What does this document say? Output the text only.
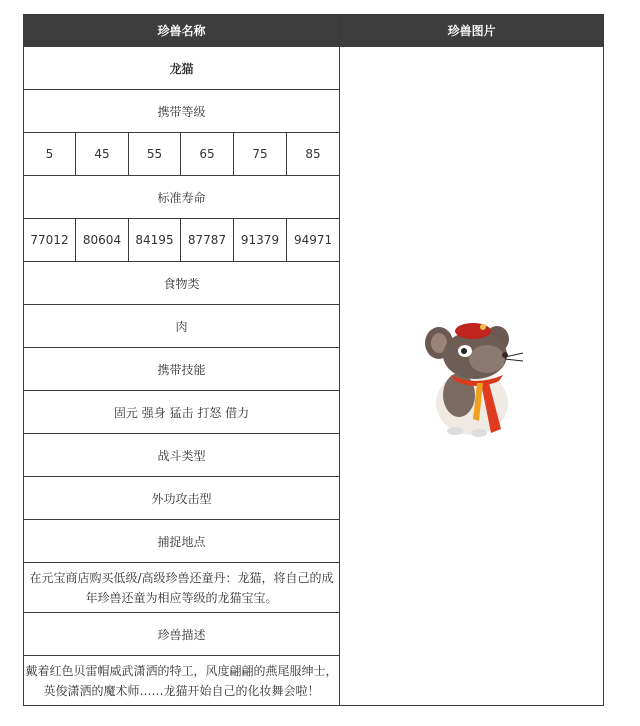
珍兽名称						珍兽图片
龙猫	

携带等级						
5	45	55	65	75	85	
标准寿命						
77012	80604	84195	87787	91379	94971	
食物类						
肉						
携带技能						
固元 强身 猛击 打怒 借力						
战斗类型						
外功攻击型						
捕捉地点						
在元宝商店购买低级/高级珍兽还童丹：龙猫，将自己的成年珍兽还童为相应等级的龙猫宝宝。						
珍兽描述						
戴着红色贝雷帽威武潇洒的特工，风度翩翩的燕尾服绅士，英俊潇洒的魔术师……龙猫开始自己的化妆舞会啦！						
